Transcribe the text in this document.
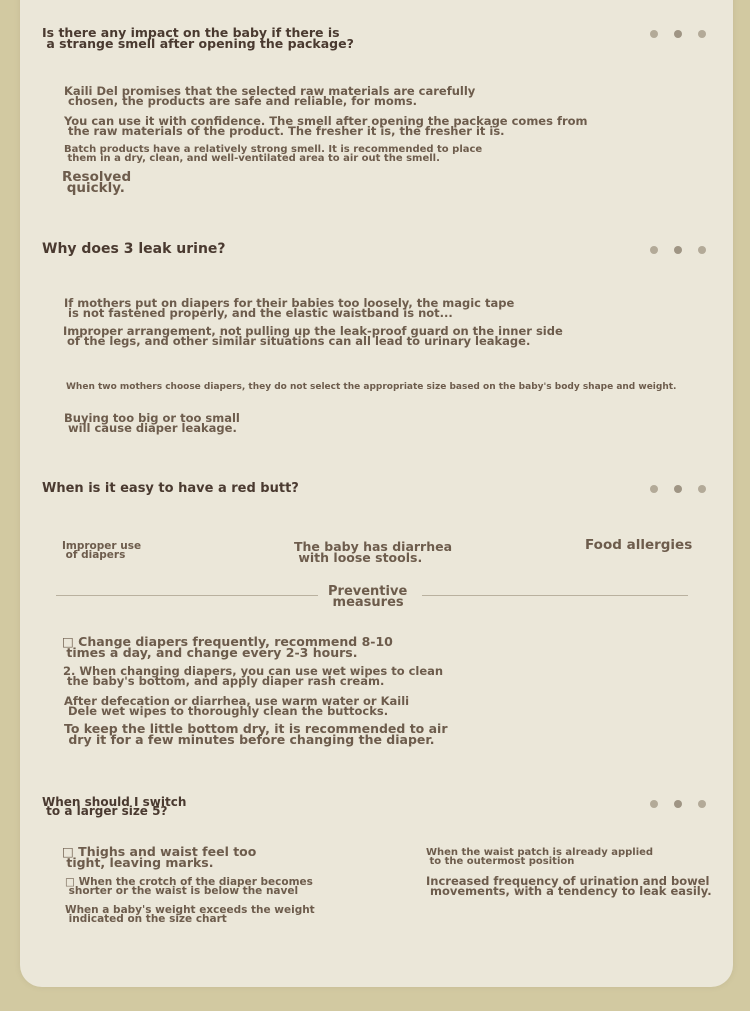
Is there any impact on the baby if there is
a strange smell after opening the package?
Kaili Del promises that the selected raw materials are carefully
chosen, the products are safe and reliable, for moms.
You can use it with confidence. The smell after opening the package comes from
the raw materials of the product. The fresher it is, the fresher it is.
Batch products have a relatively strong smell. It is recommended to place
them in a dry, clean, and well-ventilated area to air out the smell.
Resolved
quickly.
Why does 3 leak urine?
If mothers put on diapers for their babies too loosely, the magic tape
is not fastened properly, and the elastic waistband is not...
Improper arrangement, not pulling up the leak-proof guard on the inner side
of the legs, and other similar situations can all lead to urinary leakage.
When two mothers choose diapers, they do not select the appropriate size based on the baby's body shape and weight.
Buying too big or too small
will cause diaper leakage.
When is it easy to have a red butt?
Improper use
of diapers
The baby has diarrhea
with loose stools.
Food allergies
Preventive
measures
□ Change diapers frequently, recommend 8-10
times a day, and change every 2-3 hours.
2. When changing diapers, you can use wet wipes to clean
the baby's bottom, and apply diaper rash cream.
After defecation or diarrhea, use warm water or Kaili
Dele wet wipes to thoroughly clean the buttocks.
To keep the little bottom dry, it is recommended to air
dry it for a few minutes before changing the diaper.
When should I switch
to a larger size 5?
□ Thighs and waist feel too
tight, leaving marks.
□ When the crotch of the diaper becomes
shorter or the waist is below the navel
When a baby's weight exceeds the weight
indicated on the size chart
When the waist patch is already applied
to the outermost position
Increased frequency of urination and bowel
movements, with a tendency to leak easily.
